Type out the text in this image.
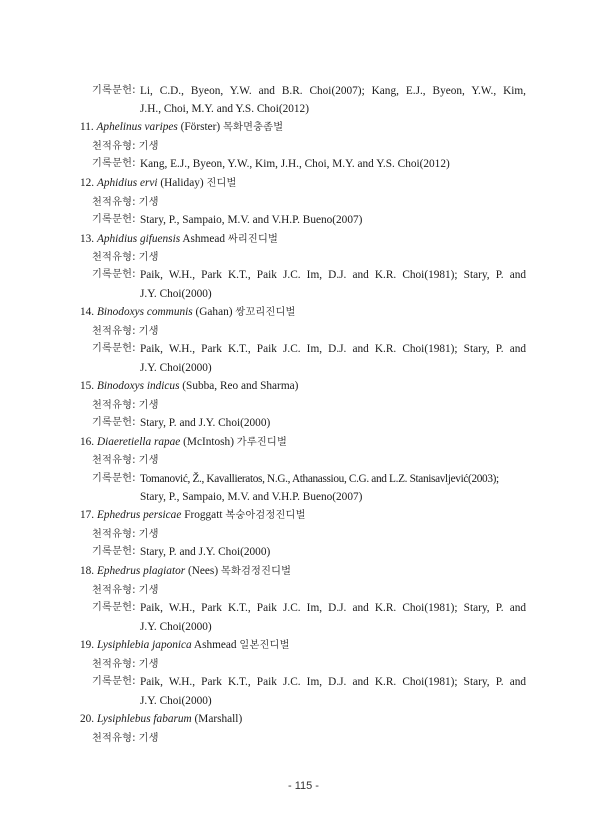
기록문헌: Li, C.D., Byeon, Y.W. and B.R. Choi(2007); Kang, E.J., Byeon, Y.W., Kim,
J.H., Choi, M.Y. and Y.S. Choi(2012)
11. Aphelinus varipes (Förster) 목화면충좀벌
천적유형: 기생
기록문헌: Kang, E.J., Byeon, Y.W., Kim, J.H., Choi, M.Y. and Y.S. Choi(2012)
12. Aphidius ervi (Haliday) 진디벌
천적유형: 기생
기록문헌: Stary, P., Sampaio, M.V. and V.H.P. Bueno(2007)
13. Aphidius gifuensis Ashmead 싸리진디벌
천적유형: 기생
기록문헌: Paik, W.H., Park K.T., Paik J.C. Im, D.J. and K.R. Choi(1981); Stary, P. and
J.Y. Choi(2000)
14. Binodoxys communis (Gahan) 쌍꼬리진디벌
천적유형: 기생
기록문헌: Paik, W.H., Park K.T., Paik J.C. Im, D.J. and K.R. Choi(1981); Stary, P. and
J.Y. Choi(2000)
15. Binodoxys indicus (Subba, Reo and Sharma)
천적유형: 기생
기록문헌: Stary, P. and J.Y. Choi(2000)
16. Diaeretiella rapae (McIntosh) 가루진디벌
천적유형: 기생
기록문헌: Tomanović, Ž., Kavallieratos, N.G., Athanassiou, C.G. and L.Z. Stanisavljević(2003);
Stary, P., Sampaio, M.V. and V.H.P. Bueno(2007)
17. Ephedrus persicae Froggatt 복숭아검정진디벌
천적유형: 기생
기록문헌: Stary, P. and J.Y. Choi(2000)
18. Ephedrus plagiator (Nees) 목화검정진디벌
천적유형: 기생
기록문헌: Paik, W.H., Park K.T., Paik J.C. Im, D.J. and K.R. Choi(1981); Stary, P. and
J.Y. Choi(2000)
19. Lysiphlebia japonica Ashmead 일본진디벌
천적유형: 기생
기록문헌: Paik, W.H., Park K.T., Paik J.C. Im, D.J. and K.R. Choi(1981); Stary, P. and
J.Y. Choi(2000)
20. Lysiphlebus fabarum (Marshall)
천적유형: 기생
- 115 -
